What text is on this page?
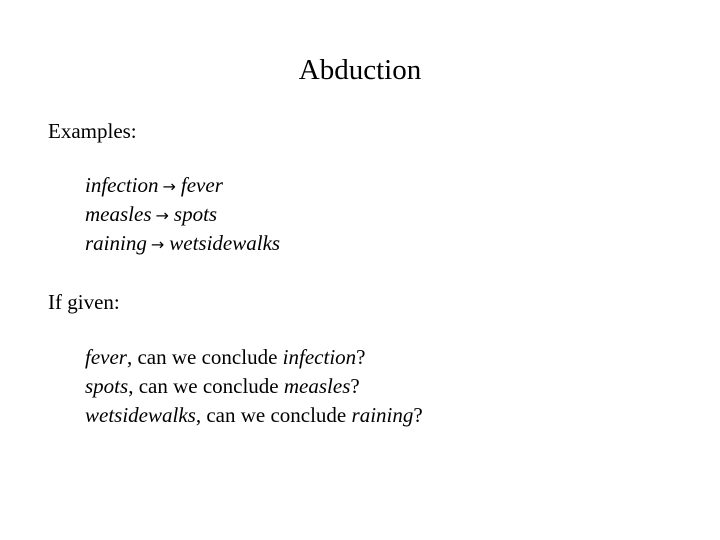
Abduction
Examples:
infection → fever
measles → spots
raining → wetsidewalks
If given:
fever, can we conclude infection?
spots, can we conclude measles?
wetsidewalks, can we conclude raining?
